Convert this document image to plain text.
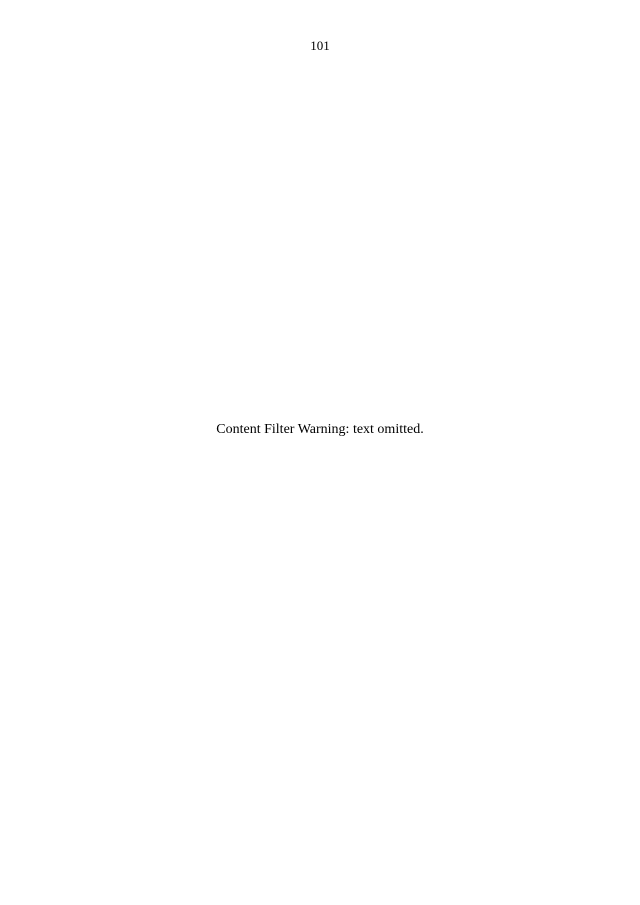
101
Content Filter Warning: text omitted.
